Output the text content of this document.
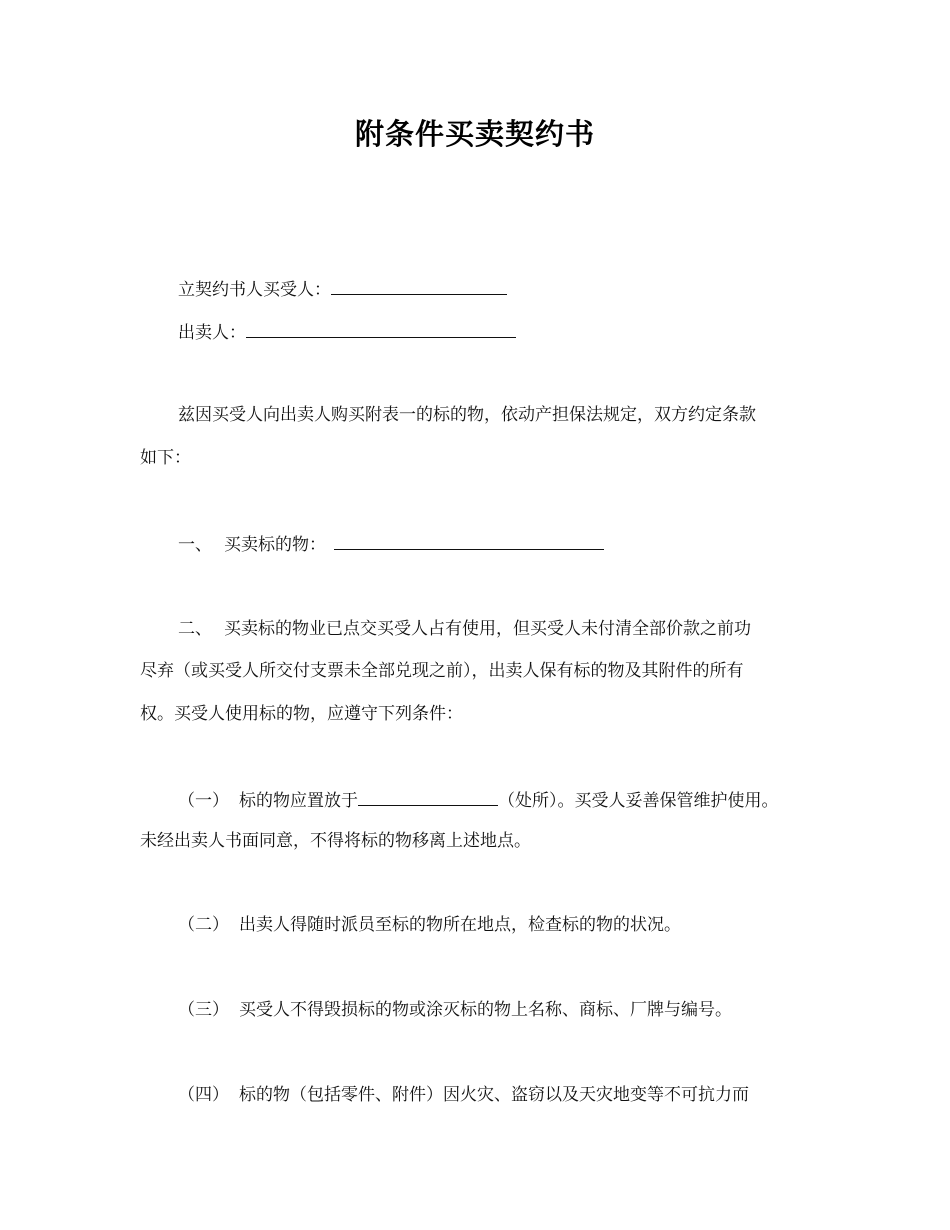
附条件买卖契约书
立契约书人买受人：
出卖人：
兹因买受人向出卖人购买附表一的标的物，依动产担保法规定，双方约定条款
如下：
一、 买卖标的物：
二、 买卖标的物业已点交买受人占有使用，但买受人未付清全部价款之前功
尽弃（或买受人所交付支票未全部兑现之前），出卖人保有标的物及其附件的所有
权。买受人使用标的物，应遵守下列条件：
（一） 标的物应置放于	（处所）。买受人妥善保管维护使用。
未经出卖人书面同意，不得将标的物移离上述地点。
（二） 出卖人得随时派员至标的物所在地点，检查标的物的状况。
（三） 买受人不得毁损标的物或涂灭标的物上名称、商标、厂牌与编号。
（四） 标的物（包括零件、附件）因火灾、盗窃以及天灾地变等不可抗力而
